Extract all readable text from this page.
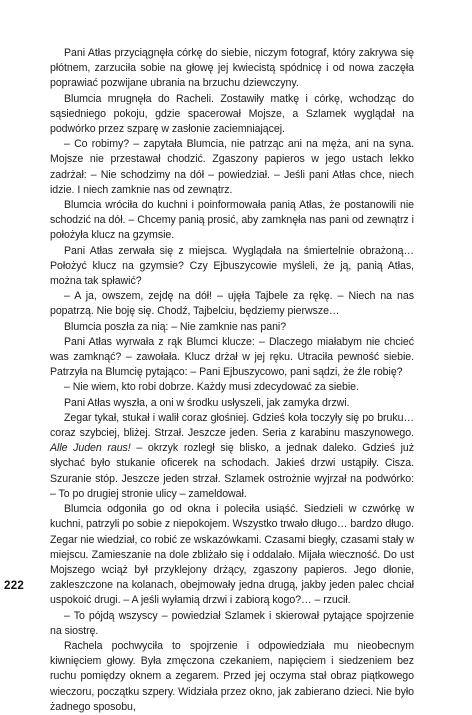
Pani Atłas przyciągnęła córkę do siebie, niczym fotograf, który zakrywa się płótnem, zarzuciła sobie na głowę jej kwiecistą spódnicę i od nowa zaczęła poprawiać pozwijane ubrania na brzuchu dziewczyny.

Blumcia mrugnęła do Racheli. Zostawiły matkę i córkę, wchodząc do sąsiedniego pokoju, gdzie spacerował Mojsze, a Szlamek wyglądał na podwórko przez szparę w zasłonie zaciemniającej.

– Co robimy? – zapytała Blumcia, nie patrząc ani na męża, ani na syna. Mojsze nie przestawał chodzić. Zgaszony papieros w jego ustach lekko zadrżał: – Nie schodzimy na dół – powiedział. – Jeśli pani Atłas chce, niech idzie. I niech zamknie nas od zewnątrz.

Blumcia wróciła do kuchni i poinformowała panią Atłas, że postanowili nie schodzić na dół. – Chcemy panią prosić, aby zamknęła nas pani od zewnątrz i położyła klucz na gzymsie.

Pani Atłas zerwała się z miejsca. Wyglądała na śmiertelnie obrażoną… Położyć klucz na gzymsie? Czy Ejbuszycowie myśleli, że ją, panią Atłas, można tak spławić?

– A ja, owszem, zejdę na dół! – ujęła Tajbele za rękę. – Niech na nas popatrzą. Nie boję się. Chodź, Tajbelciu, będziemy pierwsze…

Blumcia poszła za nią: – Nie zamknie nas pani?

Pani Atłas wyrwała z rąk Blumci klucze: – Dlaczego miałabym nie chcieć was zamknąć? – zawołała. Klucz drżał w jej ręku. Utraciła pewność siebie. Patrzyła na Blumcię pytająco: – Pani Ejbuszycowo, pani sądzi, że źle robię?

– Nie wiem, kto robi dobrze. Każdy musi zdecydować za siebie.

Pani Atłas wyszła, a oni w środku usłyszeli, jak zamyka drzwi.

Zegar tykał, stukał i walił coraz głośniej. Gdzieś koła toczyły się po bruku… coraz szybciej, bliżej. Strzał. Jeszcze jeden. Seria z karabinu maszynowego. Alle Juden raus! – okrzyk rozległ się blisko, a jednak daleko. Gdzieś już słychać było stukanie oficerek na schodach. Jakieś drzwi ustąpiły. Cisza. Szuranie stóp. Jeszcze jeden strzał. Szlamek ostrożnie wyjrzał na podwórko: – To po drugiej stronie ulicy – zameldował.

Blumcia odgoniła go od okna i poleciła usiąść. Siedzieli w czwórkę w kuchni, patrzyli po sobie z niepokojem. Wszystko trwało długo… bardzo długo. Zegar nie wiedział, co robić ze wskazówkami. Czasami biegły, czasami stały w miejscu. Zamieszanie na dole zbliżało się i oddalało. Mijała wieczność. Do ust Mojszego wciąż był przyklejony drżący, zgaszony papieros. Jego dłonie, zakleszczone na kolanach, obejmowały jedna drugą, jakby jeden palec chciał uspokoić drugi. – A jeśli wyłamią drzwi i zabiorą kogo?… – rzucił.

– To pójdą wszyscy – powiedział Szlamek i skierował pytające spojrzenie na siostrę.

Rachela pochwyciła to spojrzenie i odpowiedziała mu nieobecnym kiwnięciem głowy. Była zmęczona czekaniem, napięciem i siedzeniem bez ruchu pomiędzy oknem a zegarem. Przed jej oczyma stał obraz piątkowego wieczoru, początku szpery. Widziała przez okno, jak zabierano dzieci. Nie było żadnego sposobu,

222
